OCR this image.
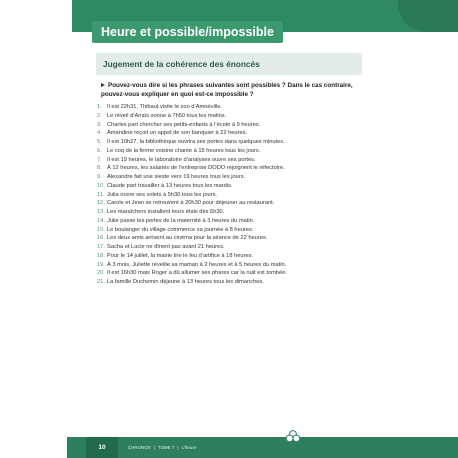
Heure et possible/impossible
Jugement de la cohérence des énoncés
Pouvez-vous dire si les phrases suivantes sont possibles ? Dans le cas contraire,
pouvez-vous expliquer en quoi est-ce impossible ?
1. Il est 22h31, Thibaut visite le zoo d’Amnéville.
2. Le réveil d’Anaïs sonne à 7h50 tous les matins.
3. Charles part chercher ses petits-enfants à l’école à 9 heures.
4. Amandine reçoit un appel de son banquier à 22 heures.
5. Il est 10h27, la bibliothèque ouvrira ses portes dans quelques minutes.
6. Le coq de la ferme voisine chante à 15 heures tous les jours.
7. Il est 19 heures, le laboratoire d’analyses ouvre ses portes.
8. À 12 heures, les salariés de l’entreprise DODO rejoignent le réfectoire.
9. Alexandre fait une sieste vers 19 heures tous les jours.
10. Claude part travailler à 13 heures tous les mardis.
11. Julia ouvre ses volets à 5h30 tous les jours.
12. Carole et Jean se retrouvent à 20h30 pour déjeuner au restaurant.
13. Les maraîchers installent leurs étals dès 6h30.
14. Julie passe les portes de la maternité à 3 heures du matin.
15. Le boulanger du village commence sa journée à 8 heures.
16. Les deux amis arrivent au cinéma pour la séance de 22 heures.
17. Sacha et Lucie ne dînent pas avant 21 heures.
18. Pour le 14 juillet, la mairie tire le feu d’artifice à 18 heures.
19. À 3 mois, Juliette réveille sa maman à 2 heures et à 5 heures du matin.
20. Il est 16h30 mais Roger a dû allumer ses phares car la nuit est tombée.
21. La famille Duchemin déjeune à 13 heures tous les dimanches.
10	CHRONOS | TOME 7 | L’heure
